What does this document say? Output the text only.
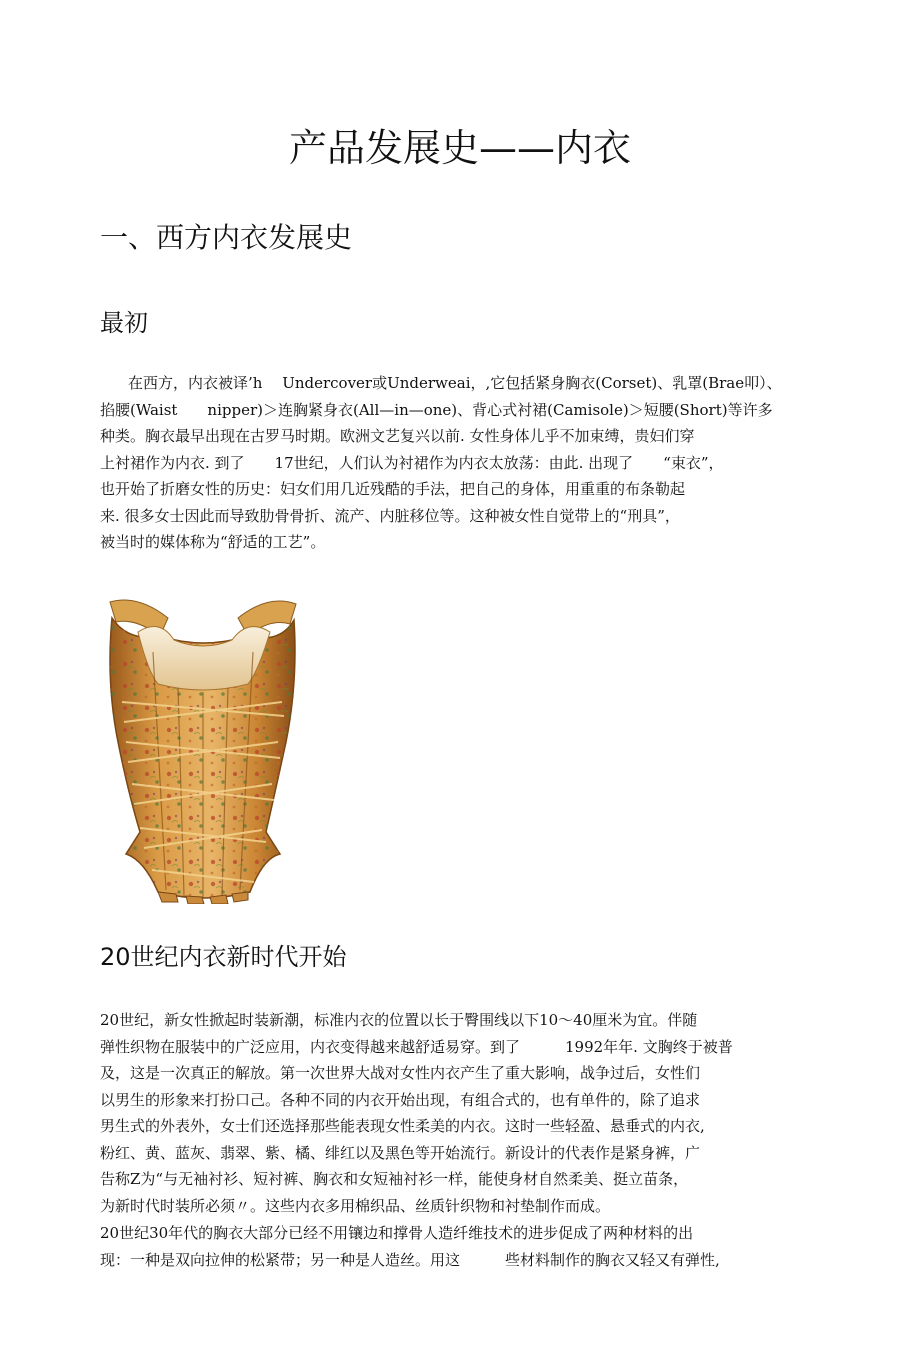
产品发展史——内衣
一、西方内衣发展史
最初

在西方，内衣被译’h　 Undercover或Underweai，,它包括紧身胸衣(Corset)、乳罩(Brae叩）、
掐腰(Waist　　nipper)＞连胸紧身衣(All—in—one)、背心式衬裙(Camisole)＞短腰(Short)等许多
种类。胸衣最早出现在古罗马时期。欧洲文艺复兴以前. 女性身体儿乎不加束缚，贵妇们穿
上衬裙作为内衣. 到了　　17世纪，人们认为衬裙作为内衣太放荡：由此. 出现了　　“束衣”，
也开始了折磨女性的历史：妇女们用几近残酷的手法，把自己的身体，用重重的布条勒起
来. 很多女士因此而导致肋骨骨折、流产、内脏移位等。这种被女性自觉带上的“刑具”，
被当时的媒体称为“舒适的工艺”。

20世纪内衣新时代开始

20世纪，新女性掀起时装新潮，标准内衣的位置以长于臀围线以下10～40厘米为宜。伴随
弹性织物在服装中的广泛应用，内衣变得越来越舒适易穿。到了　　　1992年年. 文胸终于被普
及，这是一次真正的解放。第一次世界大战对女性内衣产生了重大影响，战争过后，女性们
以男生的形象来打扮口己。各种不同的内衣开始出现，有组合式的，也有单件的，除了追求
男生式的外表外，女士们还选择那些能表现女性柔美的内衣。这时一些轻盈、悬垂式的内衣,
粉红、黄、蓝灰、翡翠、紫、橘、绯红以及黑色等开始流行。新设计的代表作是紧身裤，广
告称Z为“与无袖衬衫、短衬裤、胸衣和女短袖衬衫一样，能使身材自然柔美、挺立苗条，
为新时代时装所必须〃。这些内衣多用棉织品、丝质针织物和衬垫制作而成。

20世纪30年代的胸衣大部分已经不用镶边和撑骨人造纤维技术的进步促成了两种材料的出
现：一种是双向拉伸的松紧带；另一种是人造丝。用这　　　些材料制作的胸衣又轻又有弹性,
